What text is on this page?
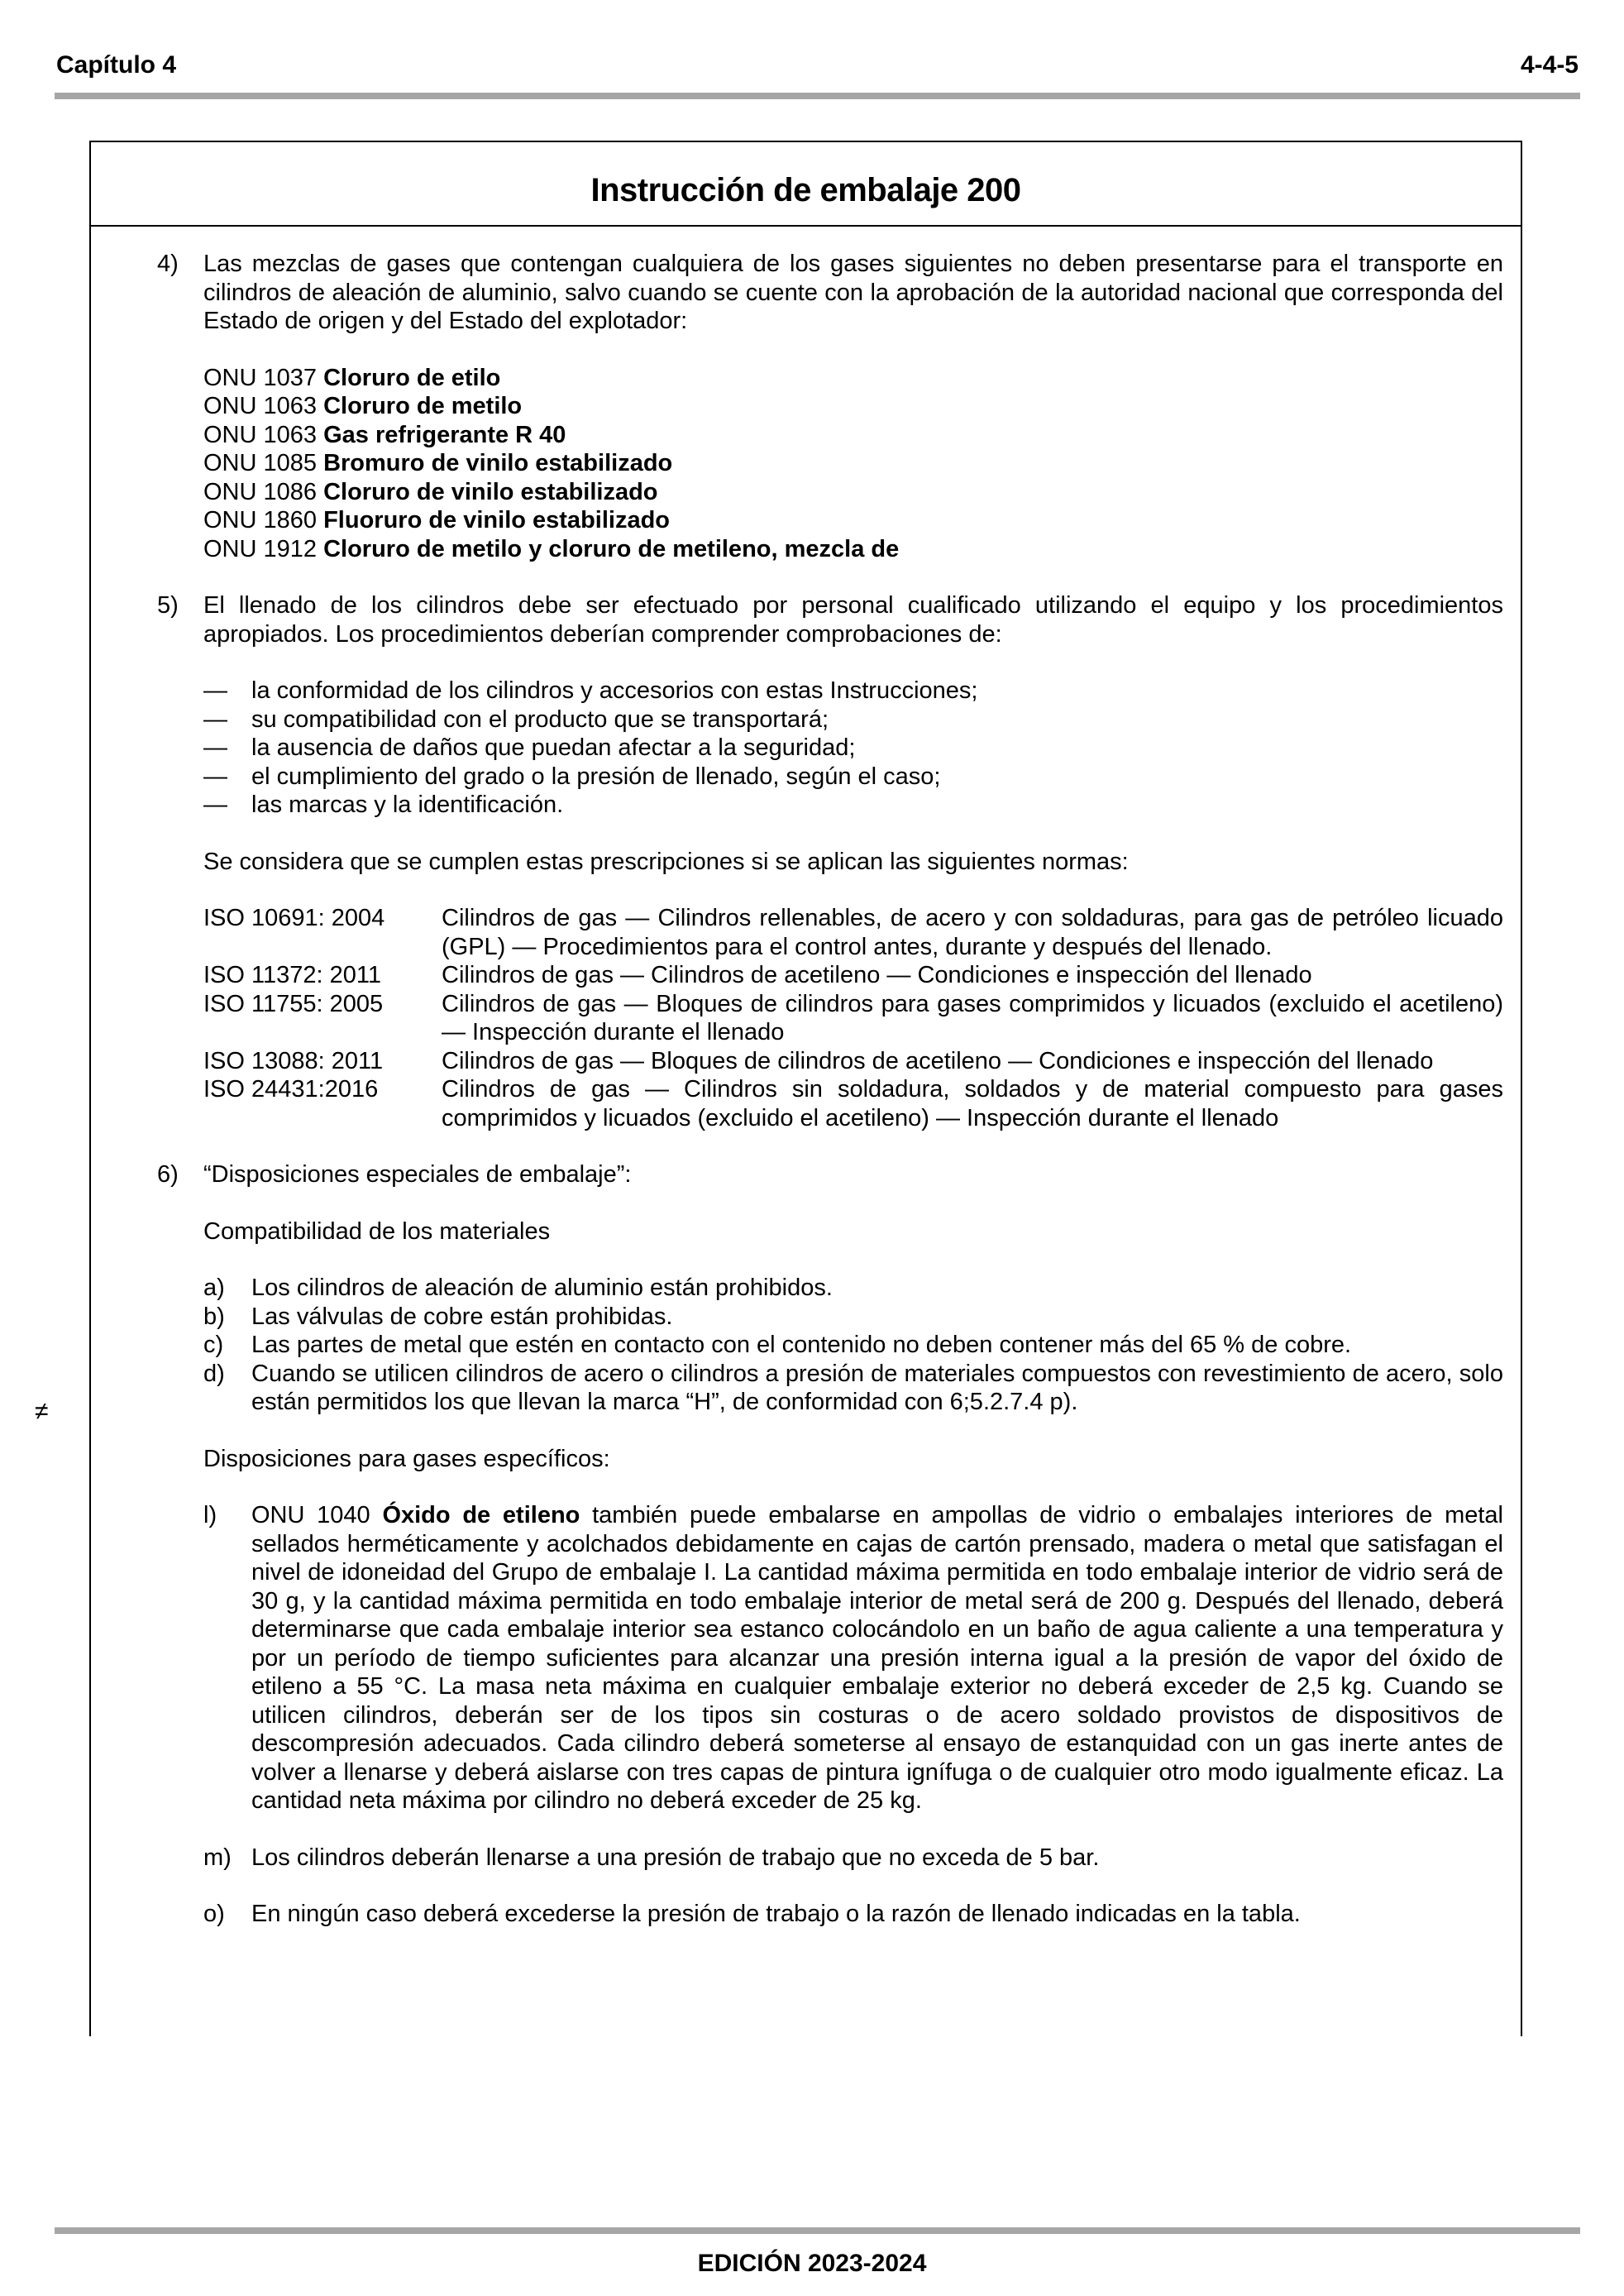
Capítulo 4	4-4-5
≠
Instrucción de embalaje 200
4) Las mezclas de gases que contengan cualquiera de los gases siguientes no deben presentarse para el transporte en cilindros de aleación de aluminio, salvo cuando se cuente con la aprobación de la autoridad nacional que corresponda del Estado de origen y del Estado del explotador:

ONU 1037 Cloruro de etilo
ONU 1063 Cloruro de metilo
ONU 1063 Gas refrigerante R 40
ONU 1085 Bromuro de vinilo estabilizado
ONU 1086 Cloruro de vinilo estabilizado
ONU 1860 Fluoruro de vinilo estabilizado
ONU 1912 Cloruro de metilo y cloruro de metileno, mezcla de
5) El llenado de los cilindros debe ser efectuado por personal cualificado utilizando el equipo y los procedimientos apropiados. Los procedimientos deberían comprender comprobaciones de:

— la conformidad de los cilindros y accesorios con estas Instrucciones;
— su compatibilidad con el producto que se transportará;
— la ausencia de daños que puedan afectar a la seguridad;
— el cumplimiento del grado o la presión de llenado, según el caso;
— las marcas y la identificación.

Se considera que se cumplen estas prescripciones si se aplican las siguientes normas:

ISO 10691: 2004	Cilindros de gas — Cilindros rellenables, de acero y con soldaduras, para gas de petróleo licuado (GPL) — Procedimientos para el control antes, durante y después del llenado.
ISO 11372: 2011	Cilindros de gas — Cilindros de acetileno — Condiciones e inspección del llenado
ISO 11755: 2005	Cilindros de gas — Bloques de cilindros para gases comprimidos y licuados (excluido el acetileno) — Inspección durante el llenado
ISO 13088: 2011	Cilindros de gas — Bloques de cilindros de acetileno — Condiciones e inspección del llenado
ISO 24431:2016	Cilindros de gas — Cilindros sin soldadura, soldados y de material compuesto para gases comprimidos y licuados (excluido el acetileno) — Inspección durante el llenado
6) “Disposiciones especiales de embalaje”:

Compatibilidad de los materiales

a) Los cilindros de aleación de aluminio están prohibidos.
b) Las válvulas de cobre están prohibidas.
c) Las partes de metal que estén en contacto con el contenido no deben contener más del 65 % de cobre.
d) Cuando se utilicen cilindros de acero o cilindros a presión de materiales compuestos con revestimiento de acero, solo están permitidos los que llevan la marca “H”, de conformidad con 6;5.2.7.4 p).

Disposiciones para gases específicos:

l) ONU 1040 Óxido de etileno también puede embalarse en ampollas de vidrio o embalajes interiores de metal sellados herméticamente y acolchados debidamente en cajas de cartón prensado, madera o metal que satisfagan el nivel de idoneidad del Grupo de embalaje I. La cantidad máxima permitida en todo embalaje interior de vidrio será de 30 g, y la cantidad máxima permitida en todo embalaje interior de metal será de 200 g. Después del llenado, deberá determinarse que cada embalaje interior sea estanco colocándolo en un baño de agua caliente a una temperatura y por un período de tiempo suficientes para alcanzar una presión interna igual a la presión de vapor del óxido de etileno a 55 °C. La masa neta máxima en cualquier embalaje exterior no deberá exceder de 2,5 kg. Cuando se utilicen cilindros, deberán ser de los tipos sin costuras o de acero soldado provistos de dispositivos de descompresión adecuados. Cada cilindro deberá someterse al ensayo de estanquidad con un gas inerte antes de volver a llenarse y deberá aislarse con tres capas de pintura ignífuga o de cualquier otro modo igualmente eficaz. La cantidad neta máxima por cilindro no deberá exceder de 25 kg.
m) Los cilindros deberán llenarse a una presión de trabajo que no exceda de 5 bar.
o) En ningún caso deberá excederse la presión de trabajo o la razón de llenado indicadas en la tabla.
EDICIÓN 2023-2024
